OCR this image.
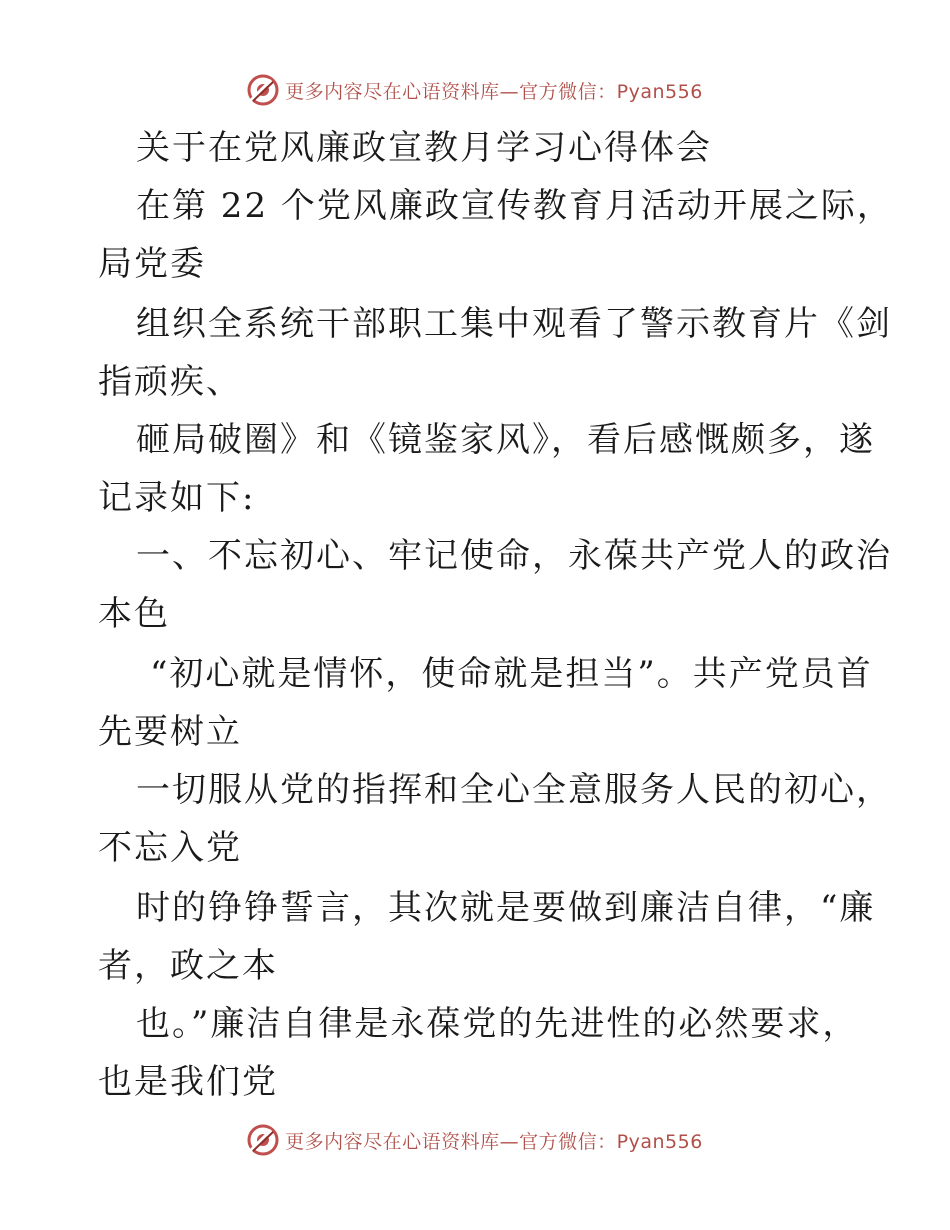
更多内容尽在心语资料库—官方微信：Pyan556
关于在党风廉政宣教月学习心得体会
在第 22 个党风廉政宣传教育月活动开展之际，
局党委
组织全系统干部职工集中观看了警示教育片《剑
指顽疾、
砸局破圈》和《镜鉴家风》，看后感慨颇多，遂
记录如下:
一、不忘初心、牢记使命，永葆共产党人的政治
本色
“初心就是情怀，使命就是担当”。共产党员首
先要树立
一切服从党的指挥和全心全意服务人民的初心，
不忘入党
时的铮铮誓言，其次就是要做到廉洁自律，“廉
者，政之本
也。”廉洁自律是永葆党的先进性的必然要求，
也是我们党
更多内容尽在心语资料库—官方微信：Pyan556
